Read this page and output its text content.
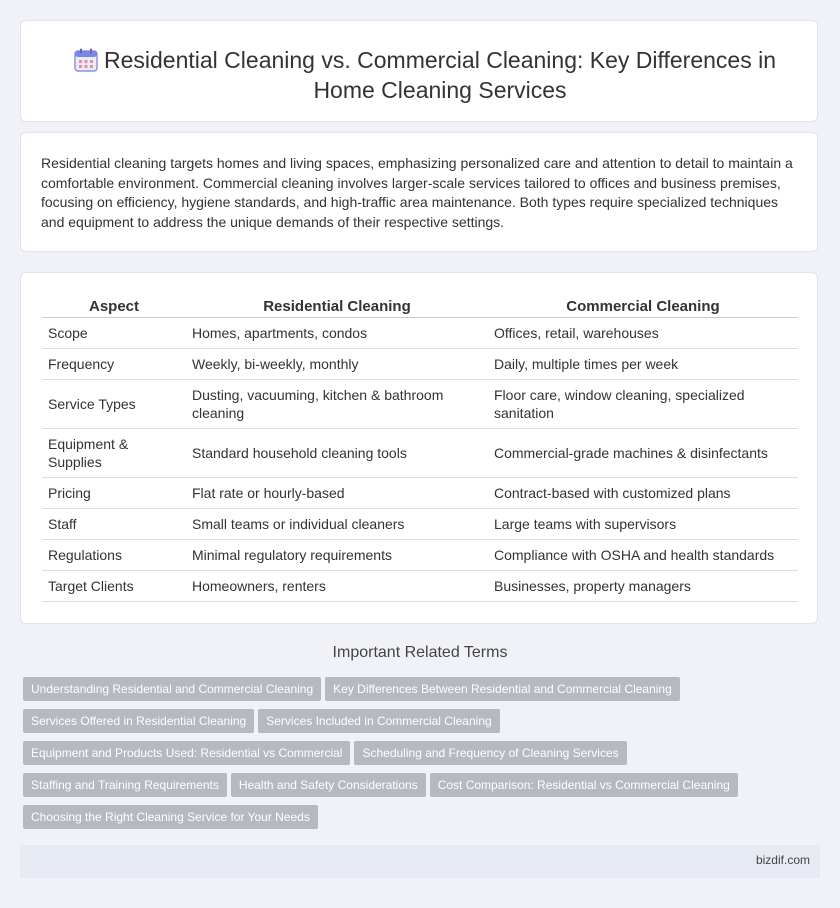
Residential Cleaning vs. Commercial Cleaning: Key Differences in Home Cleaning Services

Residential cleaning targets homes and living spaces, emphasizing personalized care and attention to detail to maintain a comfortable environment. Commercial cleaning involves larger-scale services tailored to offices and business premises, focusing on efficiency, hygiene standards, and high-traffic area maintenance. Both types require specialized techniques and equipment to address the unique demands of their respective settings.

Aspect	Residential Cleaning	Commercial Cleaning
Scope	Homes, apartments, condos	Offices, retail, warehouses
Frequency	Weekly, bi-weekly, monthly	Daily, multiple times per week
Service Types	Dusting, vacuuming, kitchen & bathroom cleaning	Floor care, window cleaning, specialized sanitation
Equipment & Supplies	Standard household cleaning tools	Commercial-grade machines & disinfectants
Pricing	Flat rate or hourly-based	Contract-based with customized plans
Staff	Small teams or individual cleaners	Large teams with supervisors
Regulations	Minimal regulatory requirements	Compliance with OSHA and health standards
Target Clients	Homeowners, renters	Businesses, property managers
Important Related Terms
Understanding Residential and Commercial Cleaning Key Differences Between Residential and Commercial Cleaning
Services Offered in Residential Cleaning Services Included in Commercial Cleaning
Equipment and Products Used: Residential vs Commercial Scheduling and Frequency of Cleaning Services
Staffing and Training Requirements Health and Safety Considerations Cost Comparison: Residential vs Commercial Cleaning
Choosing the Right Cleaning Service for Your Needs
bizdif.com
